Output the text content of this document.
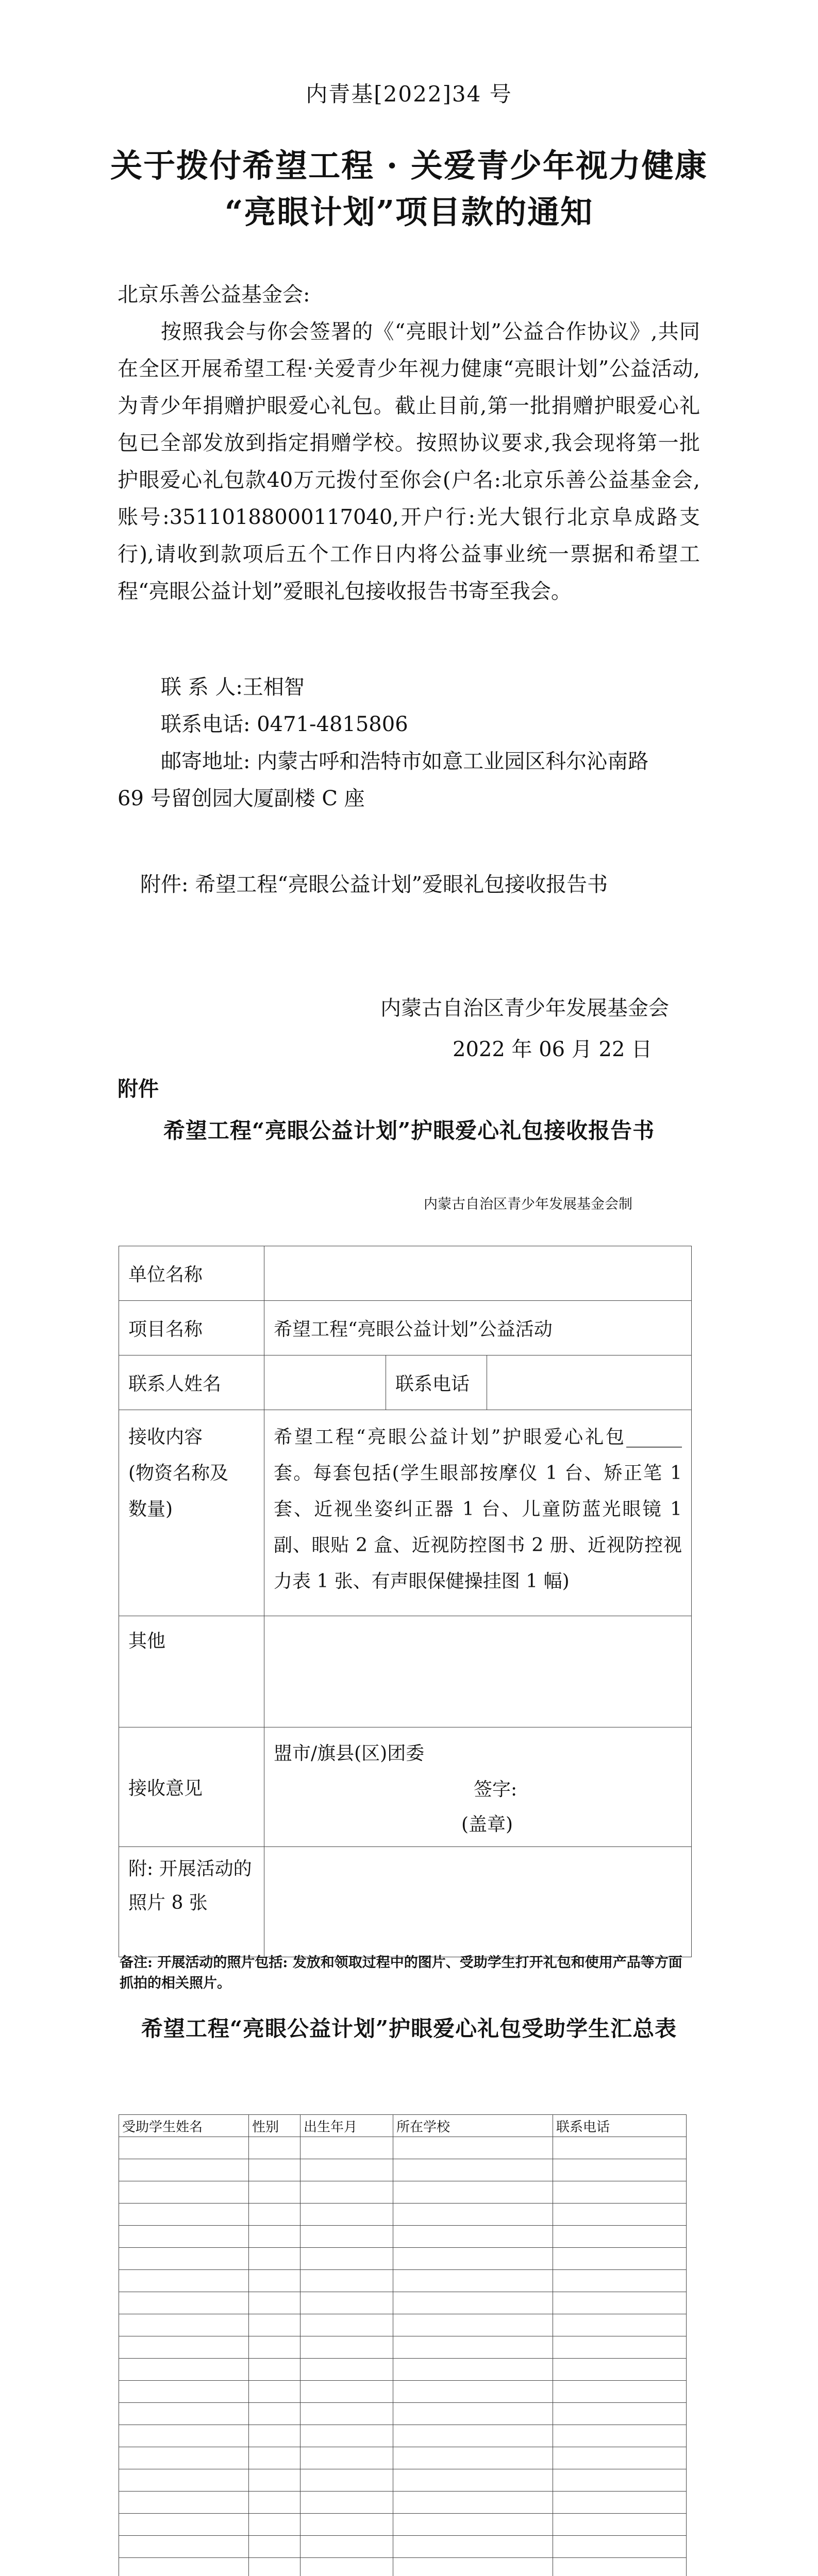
内青基[2022]34 号
关于拨付希望工程 · 关爱青少年视力健康
“亮眼计划”项目款的通知
北京乐善公益基金会:
按照我会与你会签署的《“亮眼计划”公益合作协议》,共同在全区开展希望工程·关爱青少年视力健康“亮眼计划”公益活动,为青少年捐赠护眼爱心礼包。截止目前,第一批捐赠护眼爱心礼包已全部发放到指定捐赠学校。按照协议要求,我会现将第一批护眼爱心礼包款40万元拨付至你会(户名:北京乐善公益基金会,账号:35110188000117040,开户行:光大银行北京阜成路支行),请收到款项后五个工作日内将公益事业统一票据和希望工程“亮眼公益计划”爱眼礼包接收报告书寄至我会。
联 系 人:王相智
联系电话: 0471-4815806
邮寄地址: 内蒙古呼和浩特市如意工业园区科尔沁南路
69 号留创园大厦副楼 C 座
附件: 希望工程“亮眼公益计划”爱眼礼包接收报告书
内蒙古自治区青少年发展基金会
2022 年 06 月 22 日
附件
希望工程“亮眼公益计划”护眼爱心礼包接收报告书
内蒙古自治区青少年发展基金会制
单位名称			
项目名称	希望工程“亮眼公益计划”公益活动		
联系人姓名		联系电话	

接收内容
(物资名称及
数量)	希望工程“亮眼公益计划”护眼爱心礼包______套。每套包括(学生眼部按摩仪 1 台、矫正笔 1 套、近视坐姿纠正器 1 台、儿童防蓝光眼镜 1 副、眼贴 2 盒、近视防控图书 2 册、近视防控视力表 1 张、有声眼保健操挂图 1 幅)		
其他			
接收意见	盟市/旗县(区)团委
签字:
(盖章)		

附: 开展活动的
照片 8 张			

备注: 开展活动的照片包括: 发放和领取过程中的图片、受助学生打开礼包和使用产品等方面抓拍的相关照片。
希望工程“亮眼公益计划”护眼爱心礼包受助学生汇总表
受助学生姓名	性别	出生年月	所在学校	联系电话
